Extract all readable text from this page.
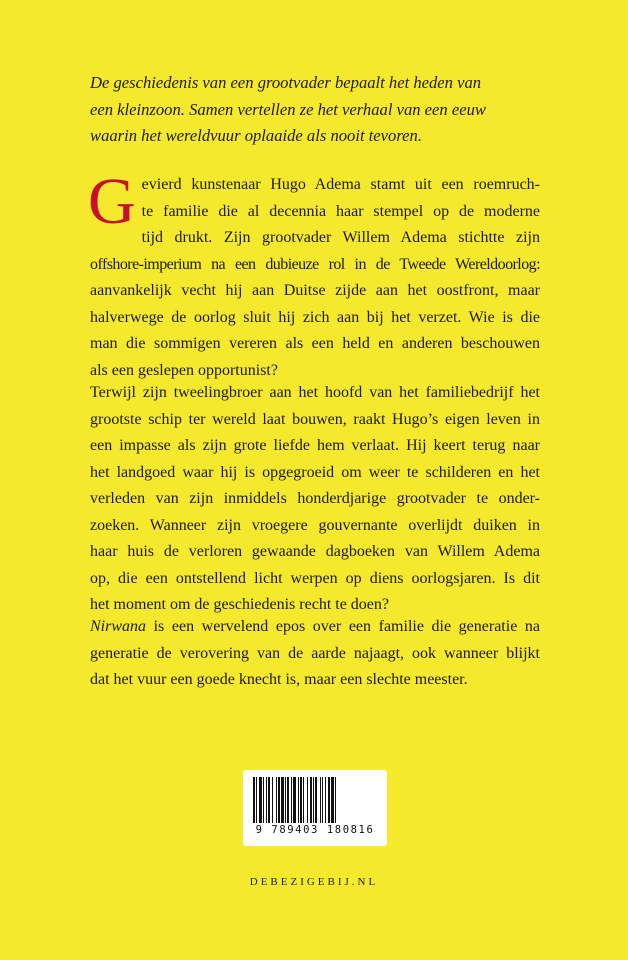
De geschiedenis van een grootvader bepaalt het heden van
een kleinzoon. Samen vertellen ze het verhaal van een eeuw
waarin het wereldvuur oplaaide als nooit tevoren.
G evierd kunstenaar Hugo Adema stamt uit een roemruch-
te familie die al decennia haar stempel op de moderne
tijd drukt. Zijn grootvader Willem Adema stichtte zijn
offshore-imperium na een dubieuze rol in de Tweede Wereldoorlog:
aanvankelijk vecht hij aan Duitse zijde aan het oostfront, maar
halverwege de oorlog sluit hij zich aan bij het verzet. Wie is die
man die sommigen vereren als een held en anderen beschouwen
als een geslepen opportunist?
Terwijl zijn tweelingbroer aan het hoofd van het familiebedrijf het
grootste schip ter wereld laat bouwen, raakt Hugo’s eigen leven in
een impasse als zijn grote liefde hem verlaat. Hij keert terug naar
het landgoed waar hij is opgegroeid om weer te schilderen en het
verleden van zijn inmiddels honderdjarige grootvader te onder-
zoeken. Wanneer zijn vroegere gouvernante overlijdt duiken in
haar huis de verloren gewaande dagboeken van Willem Adema
op, die een ontstellend licht werpen op diens oorlogsjaren. Is dit
het moment om de geschiedenis recht te doen?
Nirwana is een wervelend epos over een familie die generatie na
generatie de verovering van de aarde najaagt, ook wanneer blijkt
dat het vuur een goede knecht is, maar een slechte meester.
9 789403 180816
DEBEZIGEBIJ.NL
